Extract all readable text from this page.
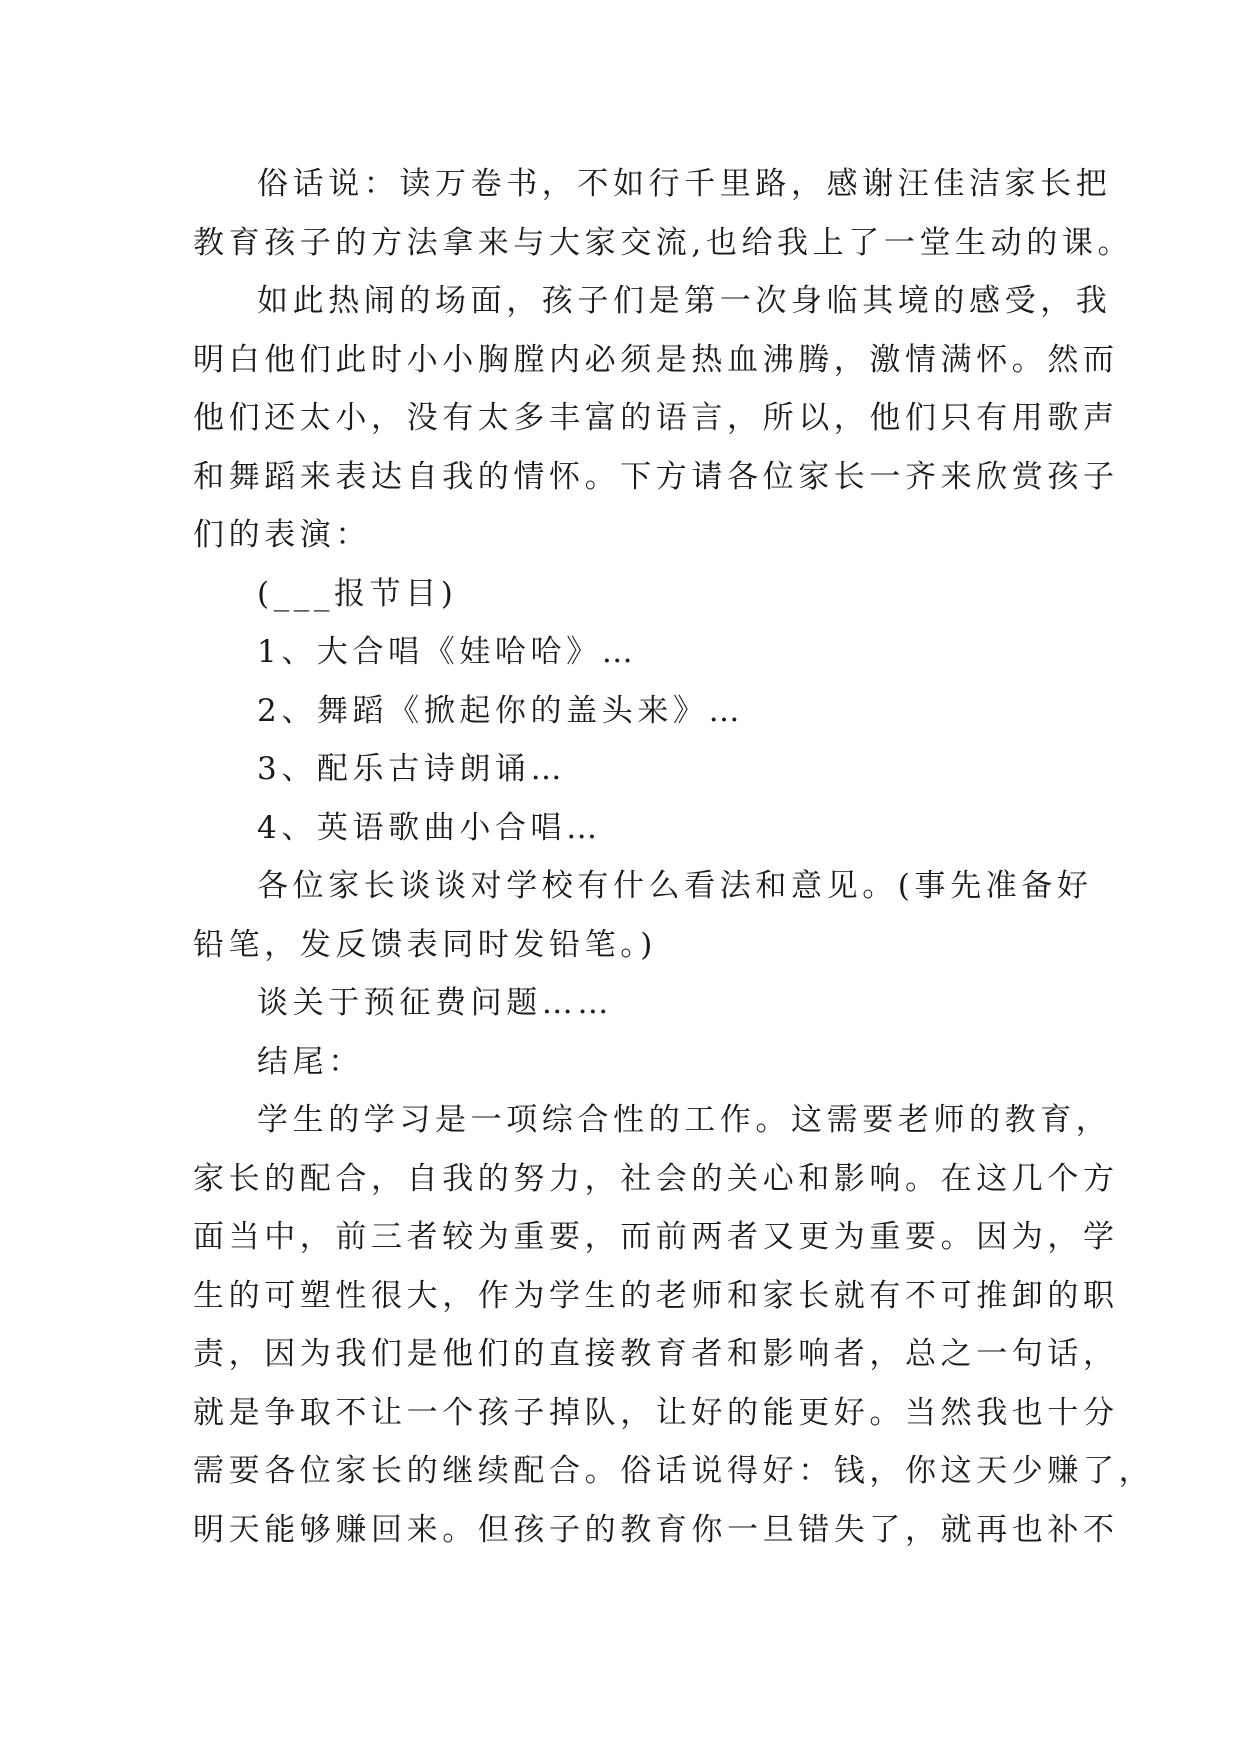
俗话说：读万卷书，不如行千里路，感谢汪佳洁家长把
教育孩子的方法拿来与大家交流,也给我上了一堂生动的课。
如此热闹的场面，孩子们是第一次身临其境的感受，我
明白他们此时小小胸膛内必须是热血沸腾，激情满怀。然而
他们还太小，没有太多丰富的语言，所以，他们只有用歌声
和舞蹈来表达自我的情怀。下方请各位家长一齐来欣赏孩子
们的表演：
(___报节目)
1、大合唱《娃哈哈》…
2、舞蹈《掀起你的盖头来》…
3、配乐古诗朗诵…
4、英语歌曲小合唱…
各位家长谈谈对学校有什么看法和意见。(事先准备好
铅笔，发反馈表同时发铅笔。)
谈关于预征费问题……
结尾：
学生的学习是一项综合性的工作。这需要老师的教育，
家长的配合，自我的努力，社会的关心和影响。在这几个方
面当中，前三者较为重要，而前两者又更为重要。因为，学
生的可塑性很大，作为学生的老师和家长就有不可推卸的职
责，因为我们是他们的直接教育者和影响者，总之一句话，
就是争取不让一个孩子掉队，让好的能更好。当然我也十分
需要各位家长的继续配合。俗话说得好：钱，你这天少赚了，
明天能够赚回来。但孩子的教育你一旦错失了，就再也补不
